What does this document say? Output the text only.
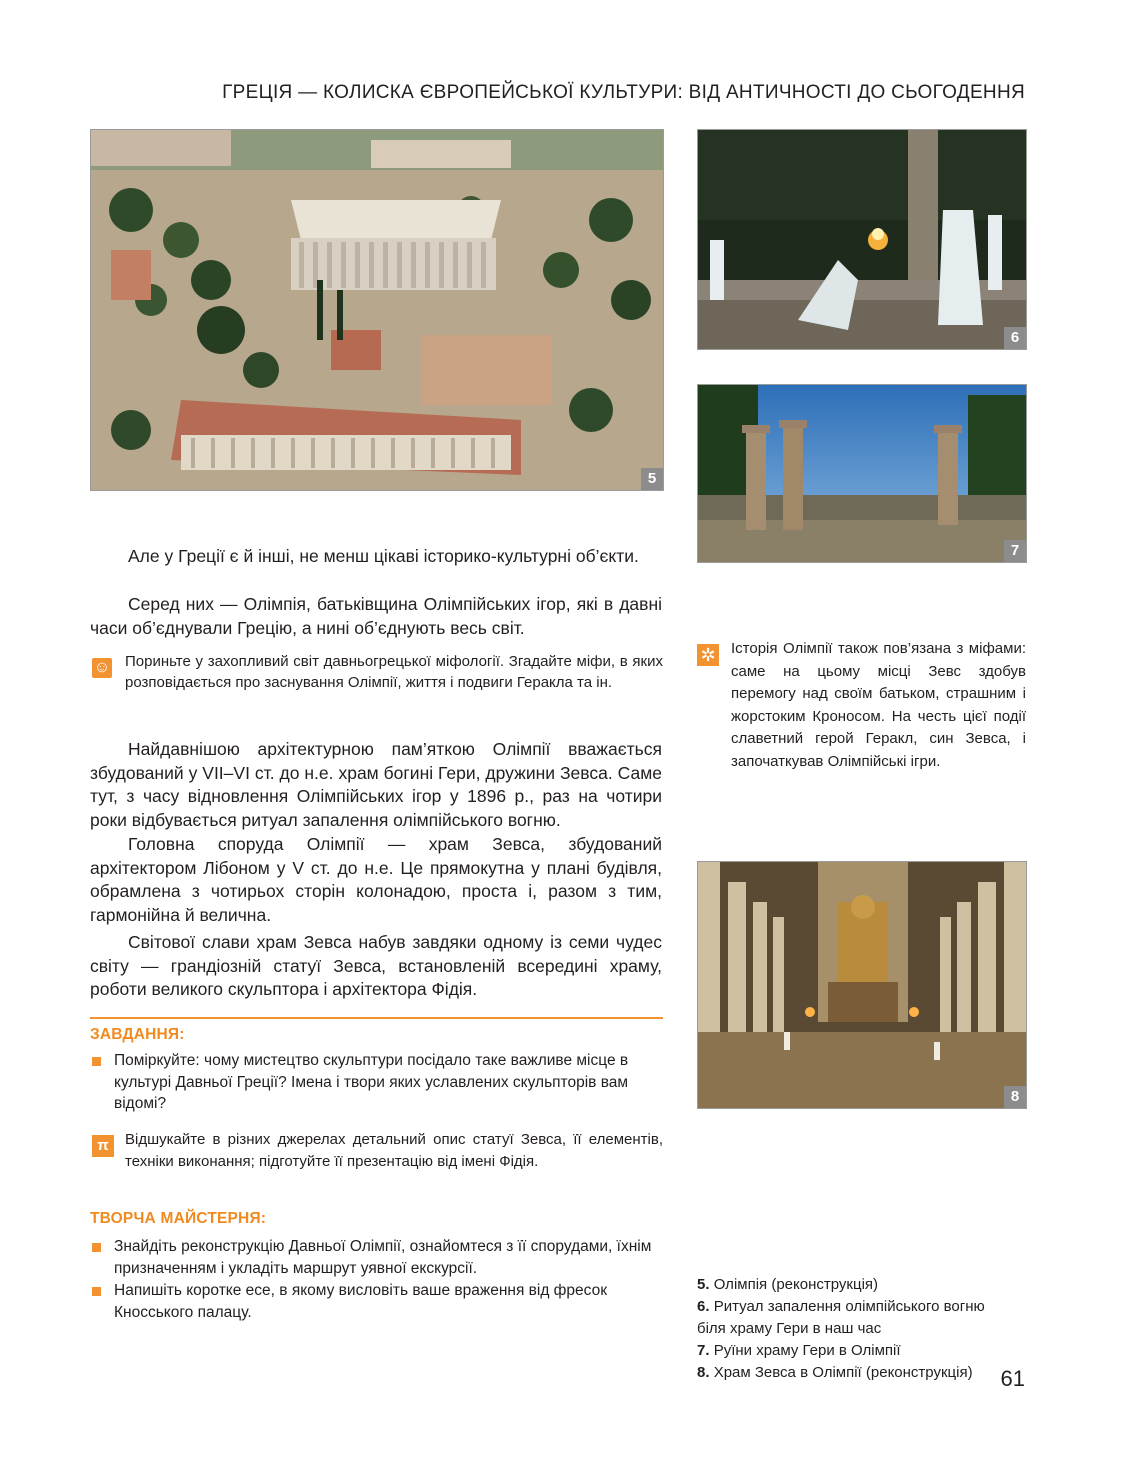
ГРЕЦІЯ — КОЛИСКА ЄВРОПЕЙСЬКОЇ КУЛЬТУРИ: ВІД АНТИЧНОСТІ ДО СЬОГОДЕННЯ
5
6
7
8

Але у Греції є й інші, не менш цікаві історико-культурні об’єкти.

Серед них — Олімпія, батьківщина Олімпійських ігор, які в давні часи об’єднували Грецію, а нині об’єднують весь світ.

☺ Пориньте у захопливий світ давньогрецької міфології. Згадайте міфи, в яких розповідається про заснування Олімпії, життя і подвиги Геракла та ін.

Найдавнішою архітектурною пам’яткою Олімпії вважається збудований у VII–VI ст. до н.е. храм богині Гери, дружини Зевса. Саме тут, з часу відновлення Олімпійських ігор у 1896 р., раз на чотири роки відбувається ритуал запалення олімпійського вогню.

Головна споруда Олімпії — храм Зевса, збудований архітектором Лібоном у V ст. до н.е. Це прямокутна у плані будівля, обрамлена з чотирьох сторін колонадою, проста і, разом з тим, гармонійна й велична.

Світової слави храм Зевса набув завдяки одному із семи чудес світу — грандіозній статуї Зевса, встановленій всередині храму, роботи великого скульптора і архітектора Фідія.

✲ Історія Олімпії також пов’язана з міфами: саме на цьому місці Зевс здобув перемогу над своїм батьком, страшним і жорстоким Кроносом. На честь цієї події славетний герой Геракл, син Зевса, і започаткував Олімпійські ігри.
ЗАВДАННЯ:
Поміркуйте: чому мистецтво скульптури посідало таке важливе місце в культурі Давньої Греції? Імена і твори яких уславлених скульпторів вам відомі?
π	Відшукайте в різних джерелах детальний опис статуї Зевса, її елементів, техніки виконання; підготуйте її презентацію від імені Фідія.
ТВОРЧА МАЙСТЕРНЯ:
Знайдіть реконструкцію Давньої Олімпії, ознайомтеся з її спорудами, їхнім призначенням і укладіть маршрут уявної екскурсії.
Напишіть коротке есе, в якому висловіть ваше враження від фресок Кносського палацу.
5. Олімпія (реконструкція)
6. Ритуал запалення олімпійського вогню біля храму Гери в наш час
7. Руїни храму Гери в Олімпії
8. Храм Зевса в Олімпії (реконструкція) 61
